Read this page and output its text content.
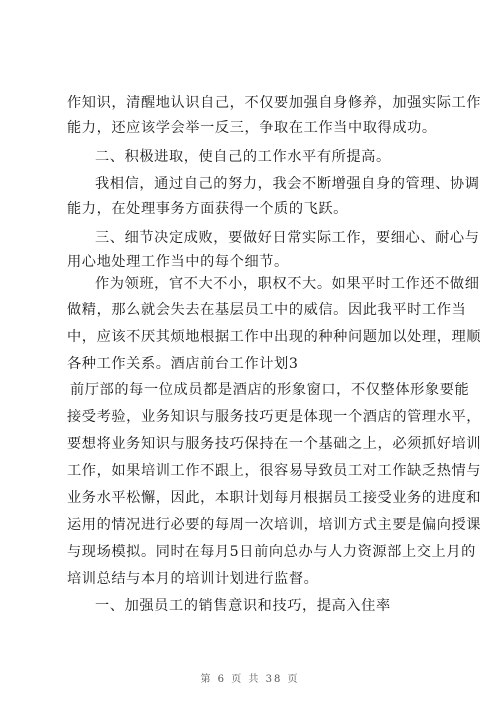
作知识，清醒地认识自己，不仅要加强自身修养，加强实际工作
能力，还应该学会举一反三，争取在工作当中取得成功。
二、积极进取，使自己的工作水平有所提高。
我相信，通过自己的努力，我会不断增强自身的管理、协调
能力，在处理事务方面获得一个质的飞跃。
三、细节决定成败，要做好日常实际工作，要细心、耐心与
用心地处理工作当中的每个细节。
作为领班，官不大不小，职权不大。如果平时工作还不做细
做精，那么就会失去在基层员工中的威信。因此我平时工作当
中，应该不厌其烦地根据工作中出现的种种问题加以处理，理顺
各种工作关系。酒店前台工作计划3
前厅部的每一位成员都是酒店的形象窗口，不仅整体形象要能
接受考验，业务知识与服务技巧更是体现一个酒店的管理水平，
要想将业务知识与服务技巧保持在一个基础之上，必须抓好培训
工作，如果培训工作不跟上，很容易导致员工对工作缺乏热情与
业务水平松懈，因此，本职计划每月根据员工接受业务的进度和
运用的情况进行必要的每周一次培训，培训方式主要是偏向授课
与现场模拟。同时在每月5日前向总办与人力资源部上交上月的
培训总结与本月的培训计划进行监督。
一、加强员工的销售意识和技巧，提高入住率
第 6 页 共 38 页
